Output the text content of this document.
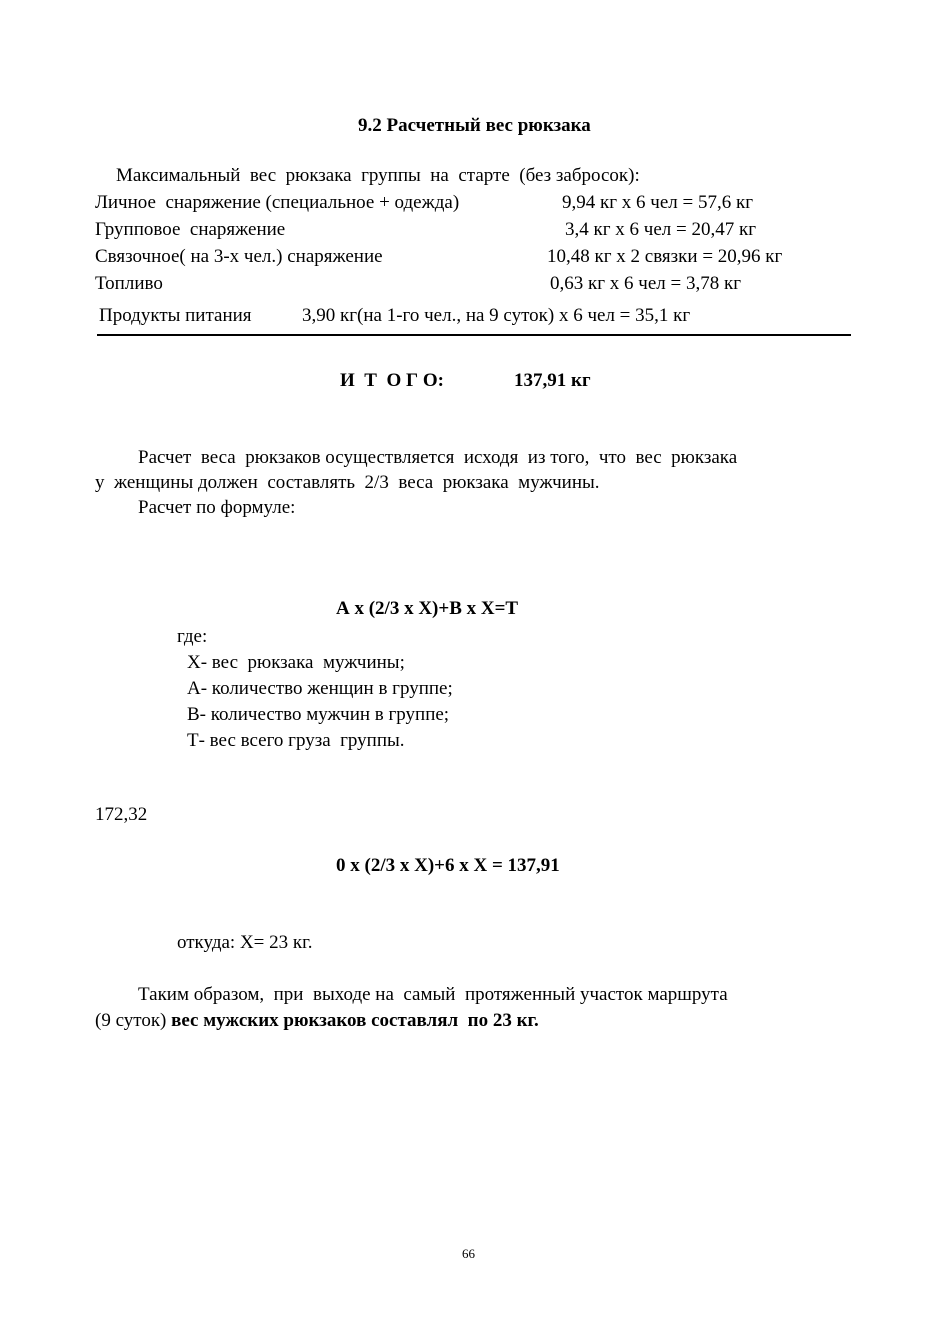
9.2 Расчетный вес рюкзака
Максимальный  вес  рюкзака  группы  на  старте  (без забросок):
Личное  снаряжение (специальное + одежда)	9,94 кг х 6 чел = 57,6 кг
Групповое  снаряжение	3,4 кг х 6 чел = 20,47 кг
Связочное( на 3-х чел.) снаряжение	10,48 кг х 2 связки = 20,96 кг
Топливо	0,63 кг х 6 чел = 3,78 кг
Продукты питания	3,90 кг(на 1-го чел., на 9 суток) х 6 чел = 35,1 кг
И  Т  О Г О:	137,91 кг
Расчет  веса  рюкзаков осуществляется  исходя  из того,  что  вес  рюкзака
у  женщины должен  составлять  2/3  веса  рюкзака  мужчины.
Расчет по формуле:
А х (2/3 х Х)+В х Х=Т
где:
Х- вес  рюкзака  мужчины;
А- количество женщин в группе;
В- количество мужчин в группе;
Т- вес всего груза  группы.
172,32
0 х (2/3 х Х)+6 х Х = 137,91
откуда: Х= 23 кг.
Таким образом,  при  выходе на  самый  протяженный участок маршрута
(9 суток) вес мужских рюкзаков составлял  по 23 кг.
66
